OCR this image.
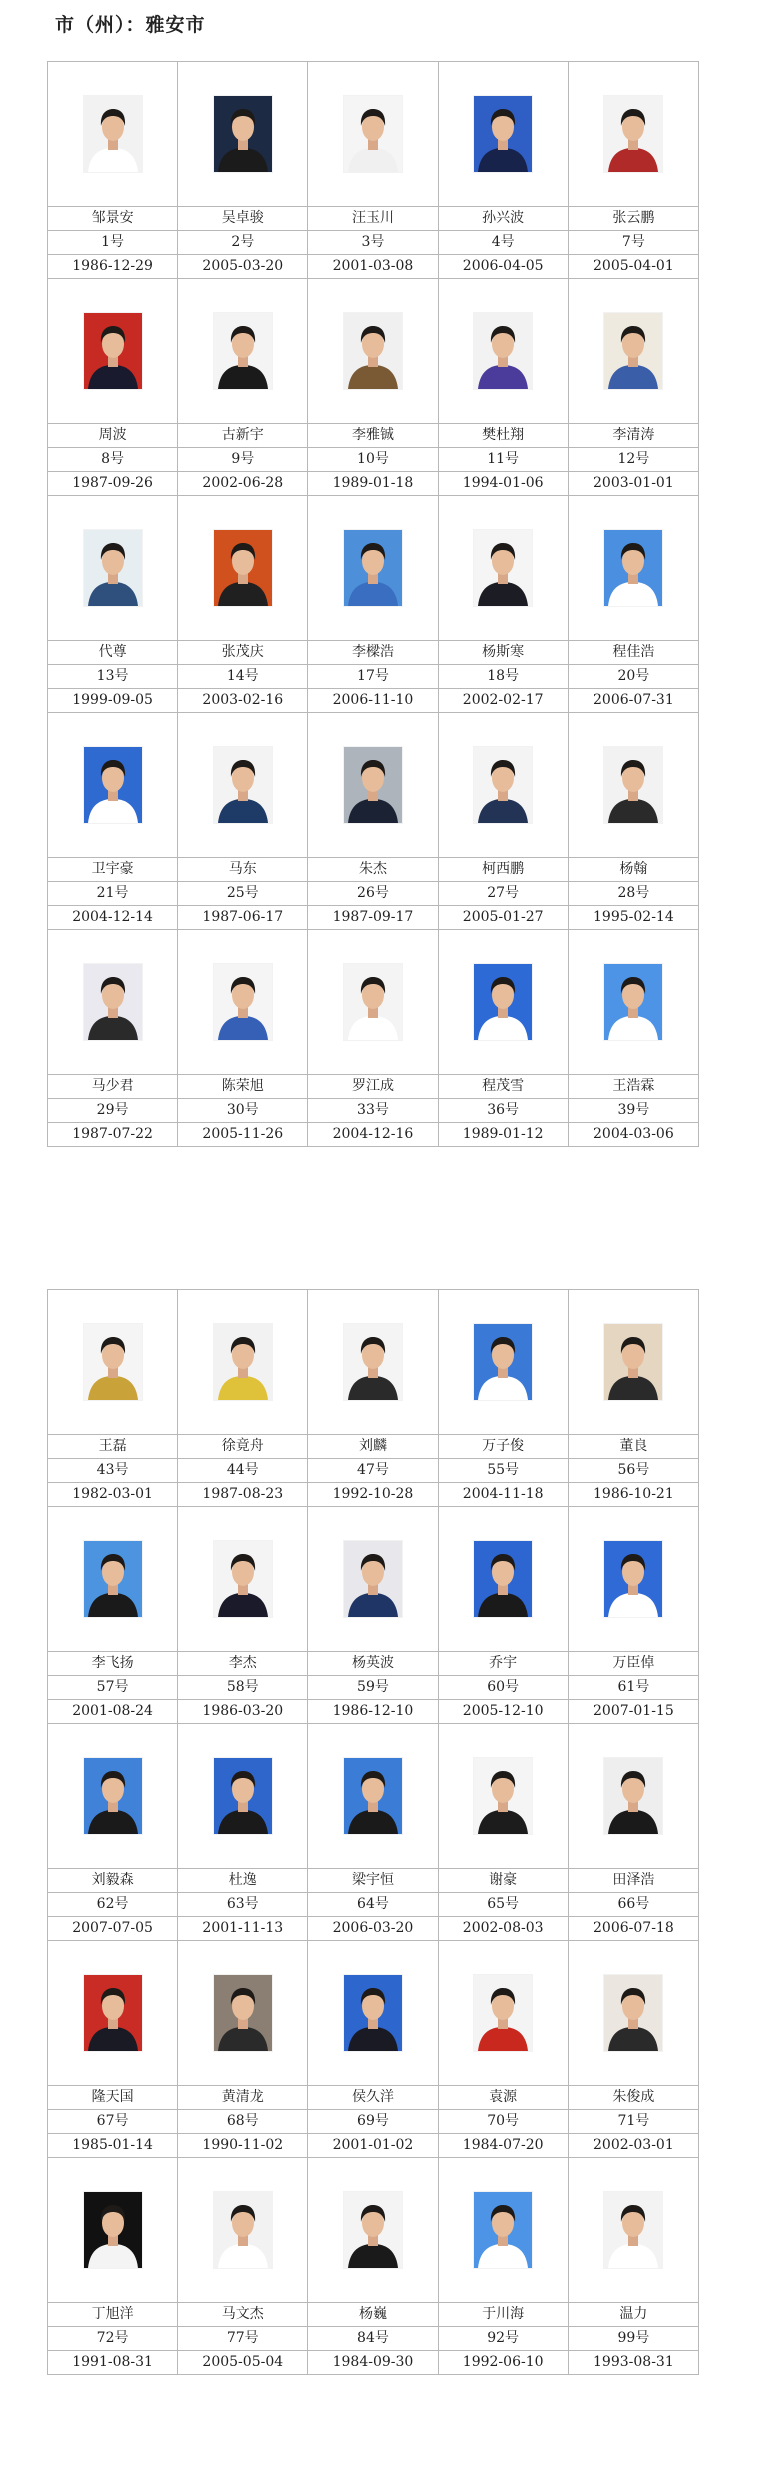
市（州）：雅安市

邹景安	吴卓骏	汪玉川	孙兴波	张云鹏
1号	2号	3号	4号	7号
1986-12-29	2005-03-20	2001-03-08	2006-04-05	2005-04-01

周波	古新宇	李雅铖	樊杜翔	李清涛
8号	9号	10号	11号	12号
1987-09-26	2002-06-28	1989-01-18	1994-01-06	2003-01-01

代尊	张茂庆	李樑浩	杨斯寒	程佳浩
13号	14号	17号	18号	20号
1999-09-05	2003-02-16	2006-11-10	2002-02-17	2006-07-31

卫宇豪	马东	朱杰	柯西鹏	杨翰
21号	25号	26号	27号	28号
2004-12-14	1987-06-17	1987-09-17	2005-01-27	1995-02-14

马少君	陈荣旭	罗江成	程茂雪	王浩霖
29号	30号	33号	36号	39号
1987-07-22	2005-11-26	2004-12-16	1989-01-12	2004-03-06

王磊	徐竟舟	刘麟	万子俊	董良
43号	44号	47号	55号	56号
1982-03-01	1987-08-23	1992-10-28	2004-11-18	1986-10-21

李飞扬	李杰	杨英波	乔宇	万臣倬
57号	58号	59号	60号	61号
2001-08-24	1986-03-20	1986-12-10	2005-12-10	2007-01-15

刘毅森	杜逸	梁宇恒	谢豪	田泽浩
62号	63号	64号	65号	66号
2007-07-05	2001-11-13	2006-03-20	2002-08-03	2006-07-18

隆天国	黄清龙	侯久洋	袁源	朱俊成
67号	68号	69号	70号	71号
1985-01-14	1990-11-02	2001-01-02	1984-07-20	2002-03-01

丁旭洋	马文杰	杨巍	于川海	温力
72号	77号	84号	92号	99号
1991-08-31	2005-05-04	1984-09-30	1992-06-10	1993-08-31
